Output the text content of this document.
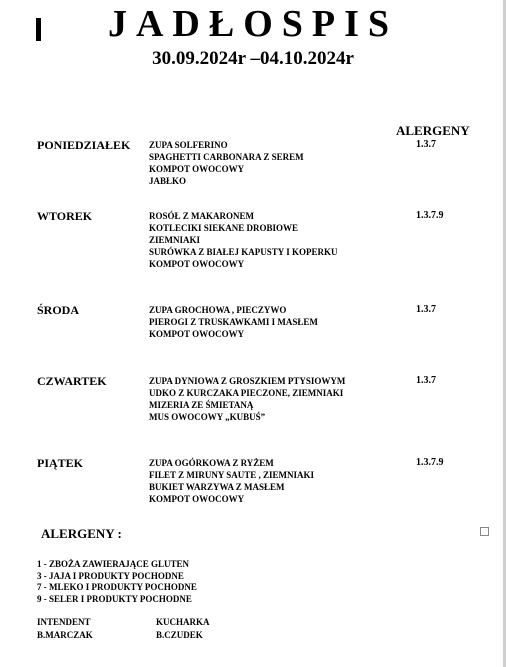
JADŁOSPIS
30.09.2024r –04.10.2024r
ALERGENY
PONIEDZIAŁEK ZUPA SOLFERINO
SPAGHETTI CARBONARA Z SEREM
KOMPOT OWOCOWY
JABŁKO
1.3.7
WTOREK	ROSÓŁ Z MAKARONEM
KOTLECIKI SIEKANE DROBIOWE
ZIEMNIAKI
SURÓWKA Z BIAŁEJ KAPUSTY I KOPERKU
KOMPOT OWOCOWY
1.3.7.9
ŚRODA	ZUPA GROCHOWA , PIECZYWO
PIEROGI Z TRUSKAWKAMI I MASŁEM
KOMPOT OWOCOWY
1.3.7
CZWARTEK	ZUPA DYNIOWA Z GROSZKIEM PTYSIOWYM
UDKO Z KURCZAKA PIECZONE, ZIEMNIAKI
MIZERIA ZE ŚMIETANĄ
MUS OWOCOWY „KUBUŚ”
1.3.7
PIĄTEK	ZUPA OGÓRKOWA Z RYŻEM
FILET Z MIRUNY SAUTE , ZIEMNIAKI
BUKIET WARZYWA Z MASŁEM
KOMPOT OWOCOWY
1.3.7.9
ALERGENY :
1 - ZBOŻA ZAWIERAJĄCE GLUTEN
3 - JAJA I PRODUKTY POCHODNE
7 - MLEKO I PRODUKTY POCHODNE
9 - SELER I PRODUKTY POCHODNE
INTENDENT
B.MARCZAK
KUCHARKA
B.CZUDEK
